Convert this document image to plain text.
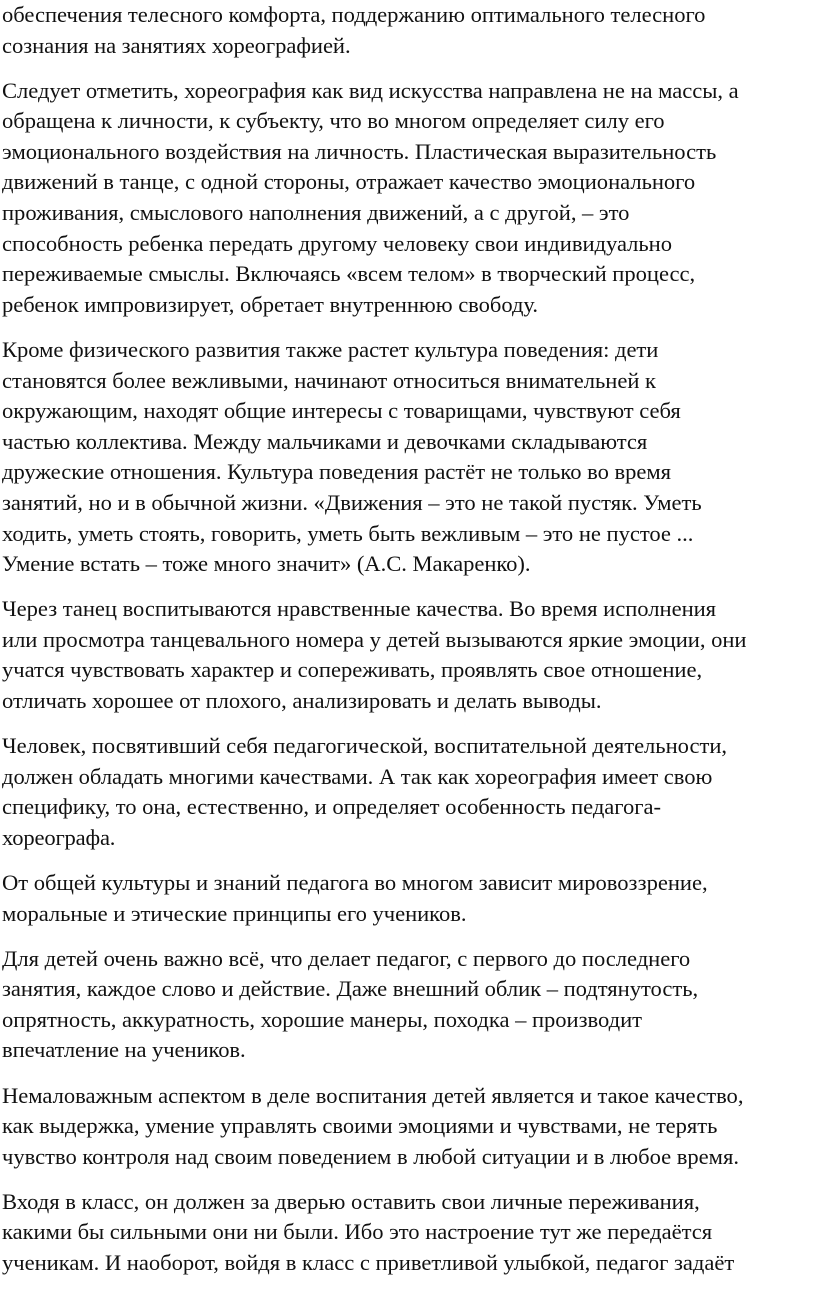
обеспечения телесного комфорта, поддержанию оптимального телесного
сознания на занятиях хореографией.

Следует отметить, хореография как вид искусства направлена не на массы, а
обращена к личности, к субъекту, что во многом определяет силу его
эмоционального воздействия на личность. Пластическая выразительность
движений в танце, с одной стороны, отражает качество эмоционального
проживания, смыслового наполнения движений, а с другой, – это
способность ребенка передать другому человеку свои индивидуально
переживаемые смыслы. Включаясь «всем телом» в творческий процесс,
ребенок импровизирует, обретает внутреннюю свободу.

Кроме физического развития также растет культура поведения: дети
становятся более вежливыми, начинают относиться внимательней к
окружающим, находят общие интересы с товарищами, чувствуют себя
частью коллектива. Между мальчиками и девочками складываются
дружеские отношения. Культура поведения растёт не только во время
занятий, но и в обычной жизни. «Движения – это не такой пустяк. Уметь
ходить, уметь стоять, говорить, уметь быть вежливым – это не пустое ...
Умение встать – тоже много значит» (А.С. Макаренко).

Через танец воспитываются нравственные качества. Во время исполнения
или просмотра танцевального номера у детей вызываются яркие эмоции, они
учатся чувствовать характер и сопереживать, проявлять свое отношение,
отличать хорошее от плохого, анализировать и делать выводы.

Человек, посвятивший себя педагогической, воспитательной деятельности,
должен обладать многими качествами. А так как хореография имеет свою
специфику, то она, естественно, и определяет особенность педагога-
хореографа.

От общей культуры и знаний педагога во многом зависит мировоззрение,
моральные и этические принципы его учеников.

Для детей очень важно всё, что делает педагог, с первого до последнего
занятия, каждое слово и действие. Даже внешний облик – подтянутость,
опрятность, аккуратность, хорошие манеры, походка – производит
впечатление на учеников.

Немаловажным аспектом в деле воспитания детей является и такое качество,
как выдержка, умение управлять своими эмоциями и чувствами, не терять
чувство контроля над своим поведением в любой ситуации и в любое время.

Входя в класс, он должен за дверью оставить свои личные переживания,
какими бы сильными они ни были. Ибо это настроение тут же передаётся
ученикам. И наоборот, войдя в класс с приветливой улыбкой, педагог задаёт
